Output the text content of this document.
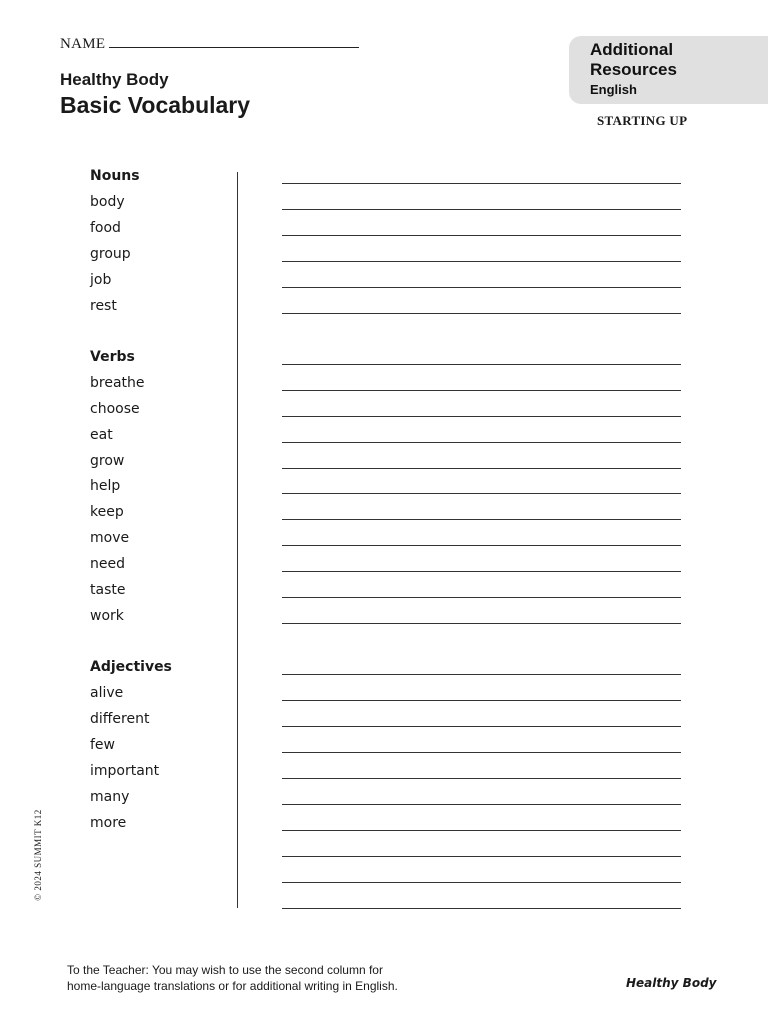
NAME
Healthy Body
Basic Vocabulary
Additional
Resources
English
STARTING UP
Nouns
body
food
group
job
rest
Verbs
breathe
choose
eat
grow
help
keep
move
need
taste
work
Adjectives
alive
different
few
important
many
more
© 2024 SUMMIT K12
To the Teacher: You may wish to use the second column for
home-language translations or for additional writing in English.	Healthy Body
